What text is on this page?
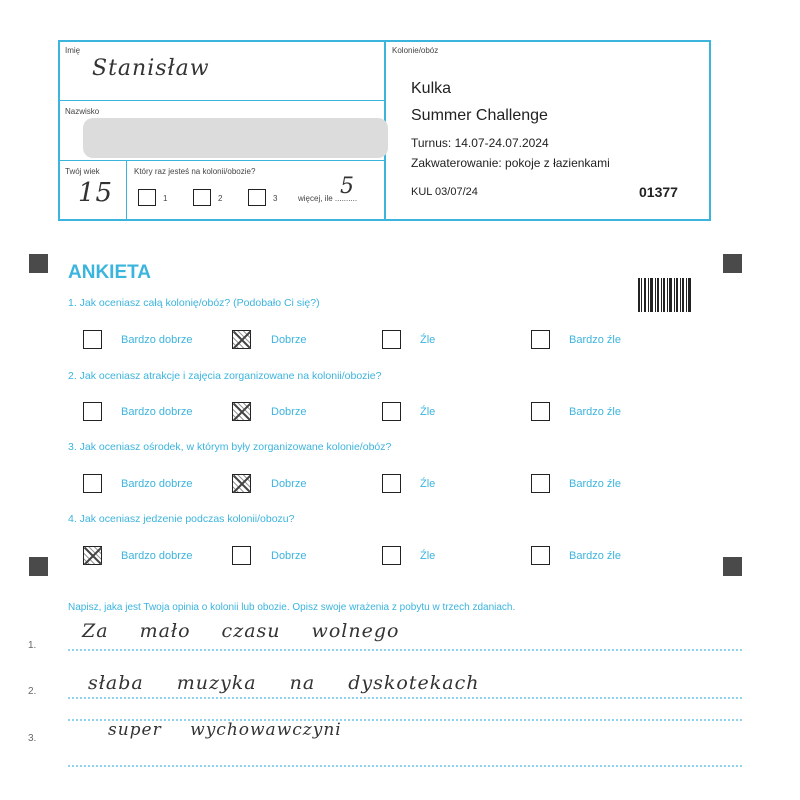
Imię
Stanisław
Nazwisko
Twój wiek
15
Który raz jesteś na kolonii/obozie?
1	2	3	więcej, ile ..........
5
Kolonie/obóz
Kulka
Summer Challenge
Turnus: 14.07-24.07.2024
Zakwaterowanie: pokoje z łazienkami
KUL 03/07/24	01377
ANKIETA
1. Jak oceniasz całą kolonię/obóz? (Podobało Ci się?)
Bardzo dobrze	Dobrze	Źle	Bardzo źle
2. Jak oceniasz atrakcje i zajęcia zorganizowane na kolonii/obozie?
Bardzo dobrze	Dobrze	Źle	Bardzo źle
3. Jak oceniasz ośrodek, w którym były zorganizowane kolonie/obóz?
Bardzo dobrze	Dobrze	Źle	Bardzo źle
4. Jak oceniasz jedzenie podczas kolonii/obozu?
Bardzo dobrze	Dobrze	Źle	Bardzo źle
Napisz, jaka jest Twoja opinia o kolonii lub obozie. Opisz swoje wrażenia z pobytu w trzech zdaniach.
1.
Za mało czasu wolnego
2.	słaba muzyka na dyskotekach
3.	super wychowawczyni
